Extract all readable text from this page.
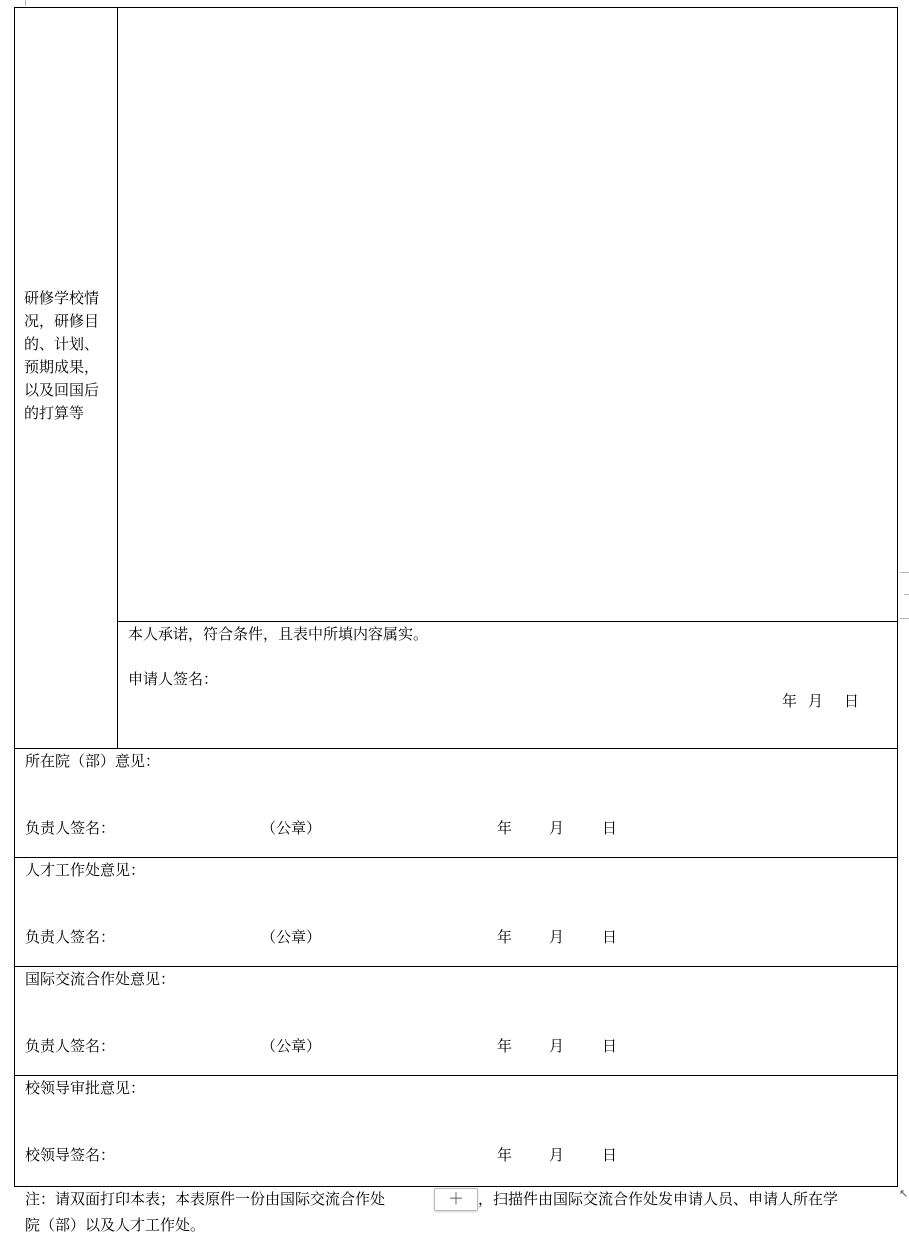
研修学校情况，研修目的、计划、预期成果，以及回国后的打算等
本人承诺，符合条件，且表中所填内容属实。
申请人签名：
年 月 日
所在院（部）意见：
负责人签名：	（公章）	年 月	日
人才工作处意见：
负责人签名：	（公章）	年 月	日
国际交流合作处意见：
负责人签名：	（公章）	年 月	日
校领导审批意见：
校领导签名：	年 月	日
注：请双面打印本表；本表原件一份由国际交流合作处	，扫描件由国际交流合作处发申请人员、申请人所在学
院（部）以及人才工作处。
＋	↖
